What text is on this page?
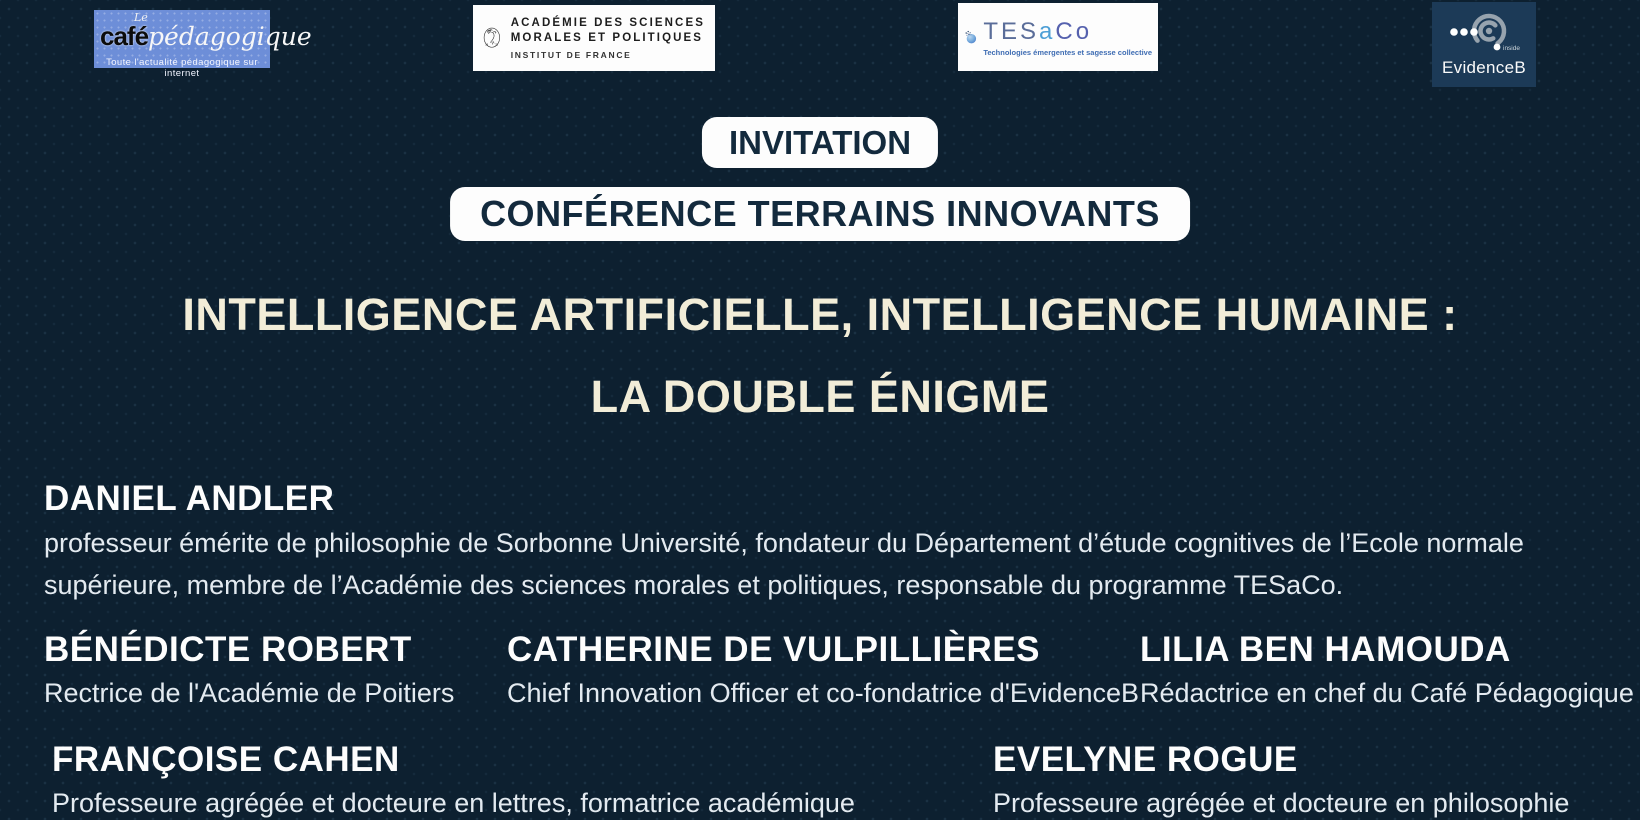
Le
cafépédagogique
Toute l'actualité pédagogique sur internet
18 32
ACADÉMIE DES SCIENCES
MORALES ET POLITIQUES
INSTITUT DE FRANCE
TESaCo
Technologies émergentes et sagesse collective	inside
EvidenceB
INVITATION
CONFÉRENCE TERRAINS INNOVANTS
INTELLIGENCE ARTIFICIELLE, INTELLIGENCE HUMAINE :
LA DOUBLE ÉNIGME
DANIEL ANDLER
professeur émérite de philosophie de Sorbonne Université, fondateur du Département d’étude cognitives de l’Ecole normale
supérieure, membre de l’Académie des sciences morales et politiques, responsable du programme TESaCo.
BÉNÉDICTE ROBERT
Rectrice de l'Académie de Poitiers
CATHERINE DE VULPILLIÈRES
Chief Innovation Officer et co-fondatrice d'EvidenceB
LILIA BEN HAMOUDA
Rédactrice en chef du Café Pédagogique
FRANÇOISE CAHEN
Professeure agrégée et docteure en lettres, formatrice académique
EVELYNE ROGUE
Professeure agrégée et docteure en philosophie
